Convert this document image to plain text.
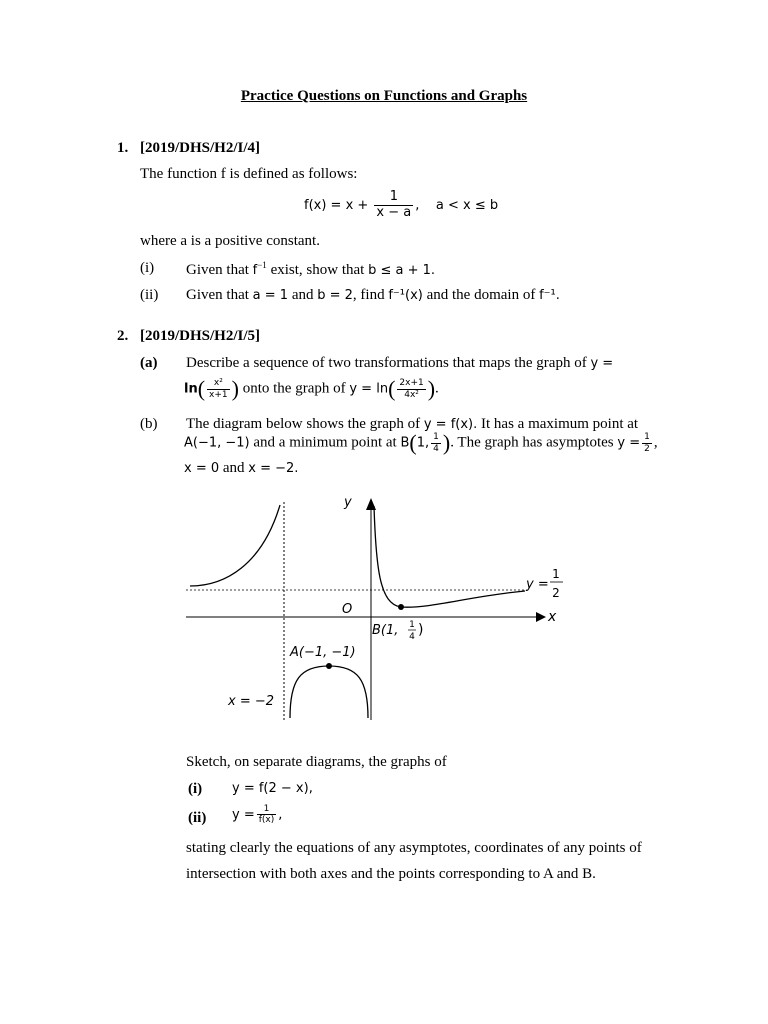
Practice Questions on Functions and Graphs
1. [2019/DHS/H2/I/4]
The function f is defined as follows:
$f(x) = x + \frac{1}{x - a}$ ,    a < x ≤ b
where a is a positive constant.
(i) Given that $f^{-1}$ exist, show that b ≤ a + 1.
(ii) Given that a = 1 and b = 2, find f⁻¹(x) and the domain of f⁻¹.
2. [2019/DHS/H2/I/5]
(a) Describe a sequence of two transformations that maps the graph of y =
$\ln( \frac{\text{x²}}{x+1}$ ) onto the graph of $y = \ln( \frac{2x+1}{\text{4x²}}$ ).
(b) The diagram below shows the graph of y = f(x). It has a maximum point at
A(−1, −1) and a minimum point at B(1, $\frac{1}{4}$ ). The graph has asymptotes $y = \frac{1}{2}$ ,
x = 0 and x = −2.
y
x
O
y =
1
2
B(1, 1
4 )
A(−1, −1)
x = −2
Sketch, on separate diagrams, the graphs of
(i) y = f(2 − x),
(ii) $y = \frac{1}{f(x)}$ ,
stating clearly the equations of any asymptotes, coordinates of any points of
intersection with both axes and the points corresponding to A and B.
